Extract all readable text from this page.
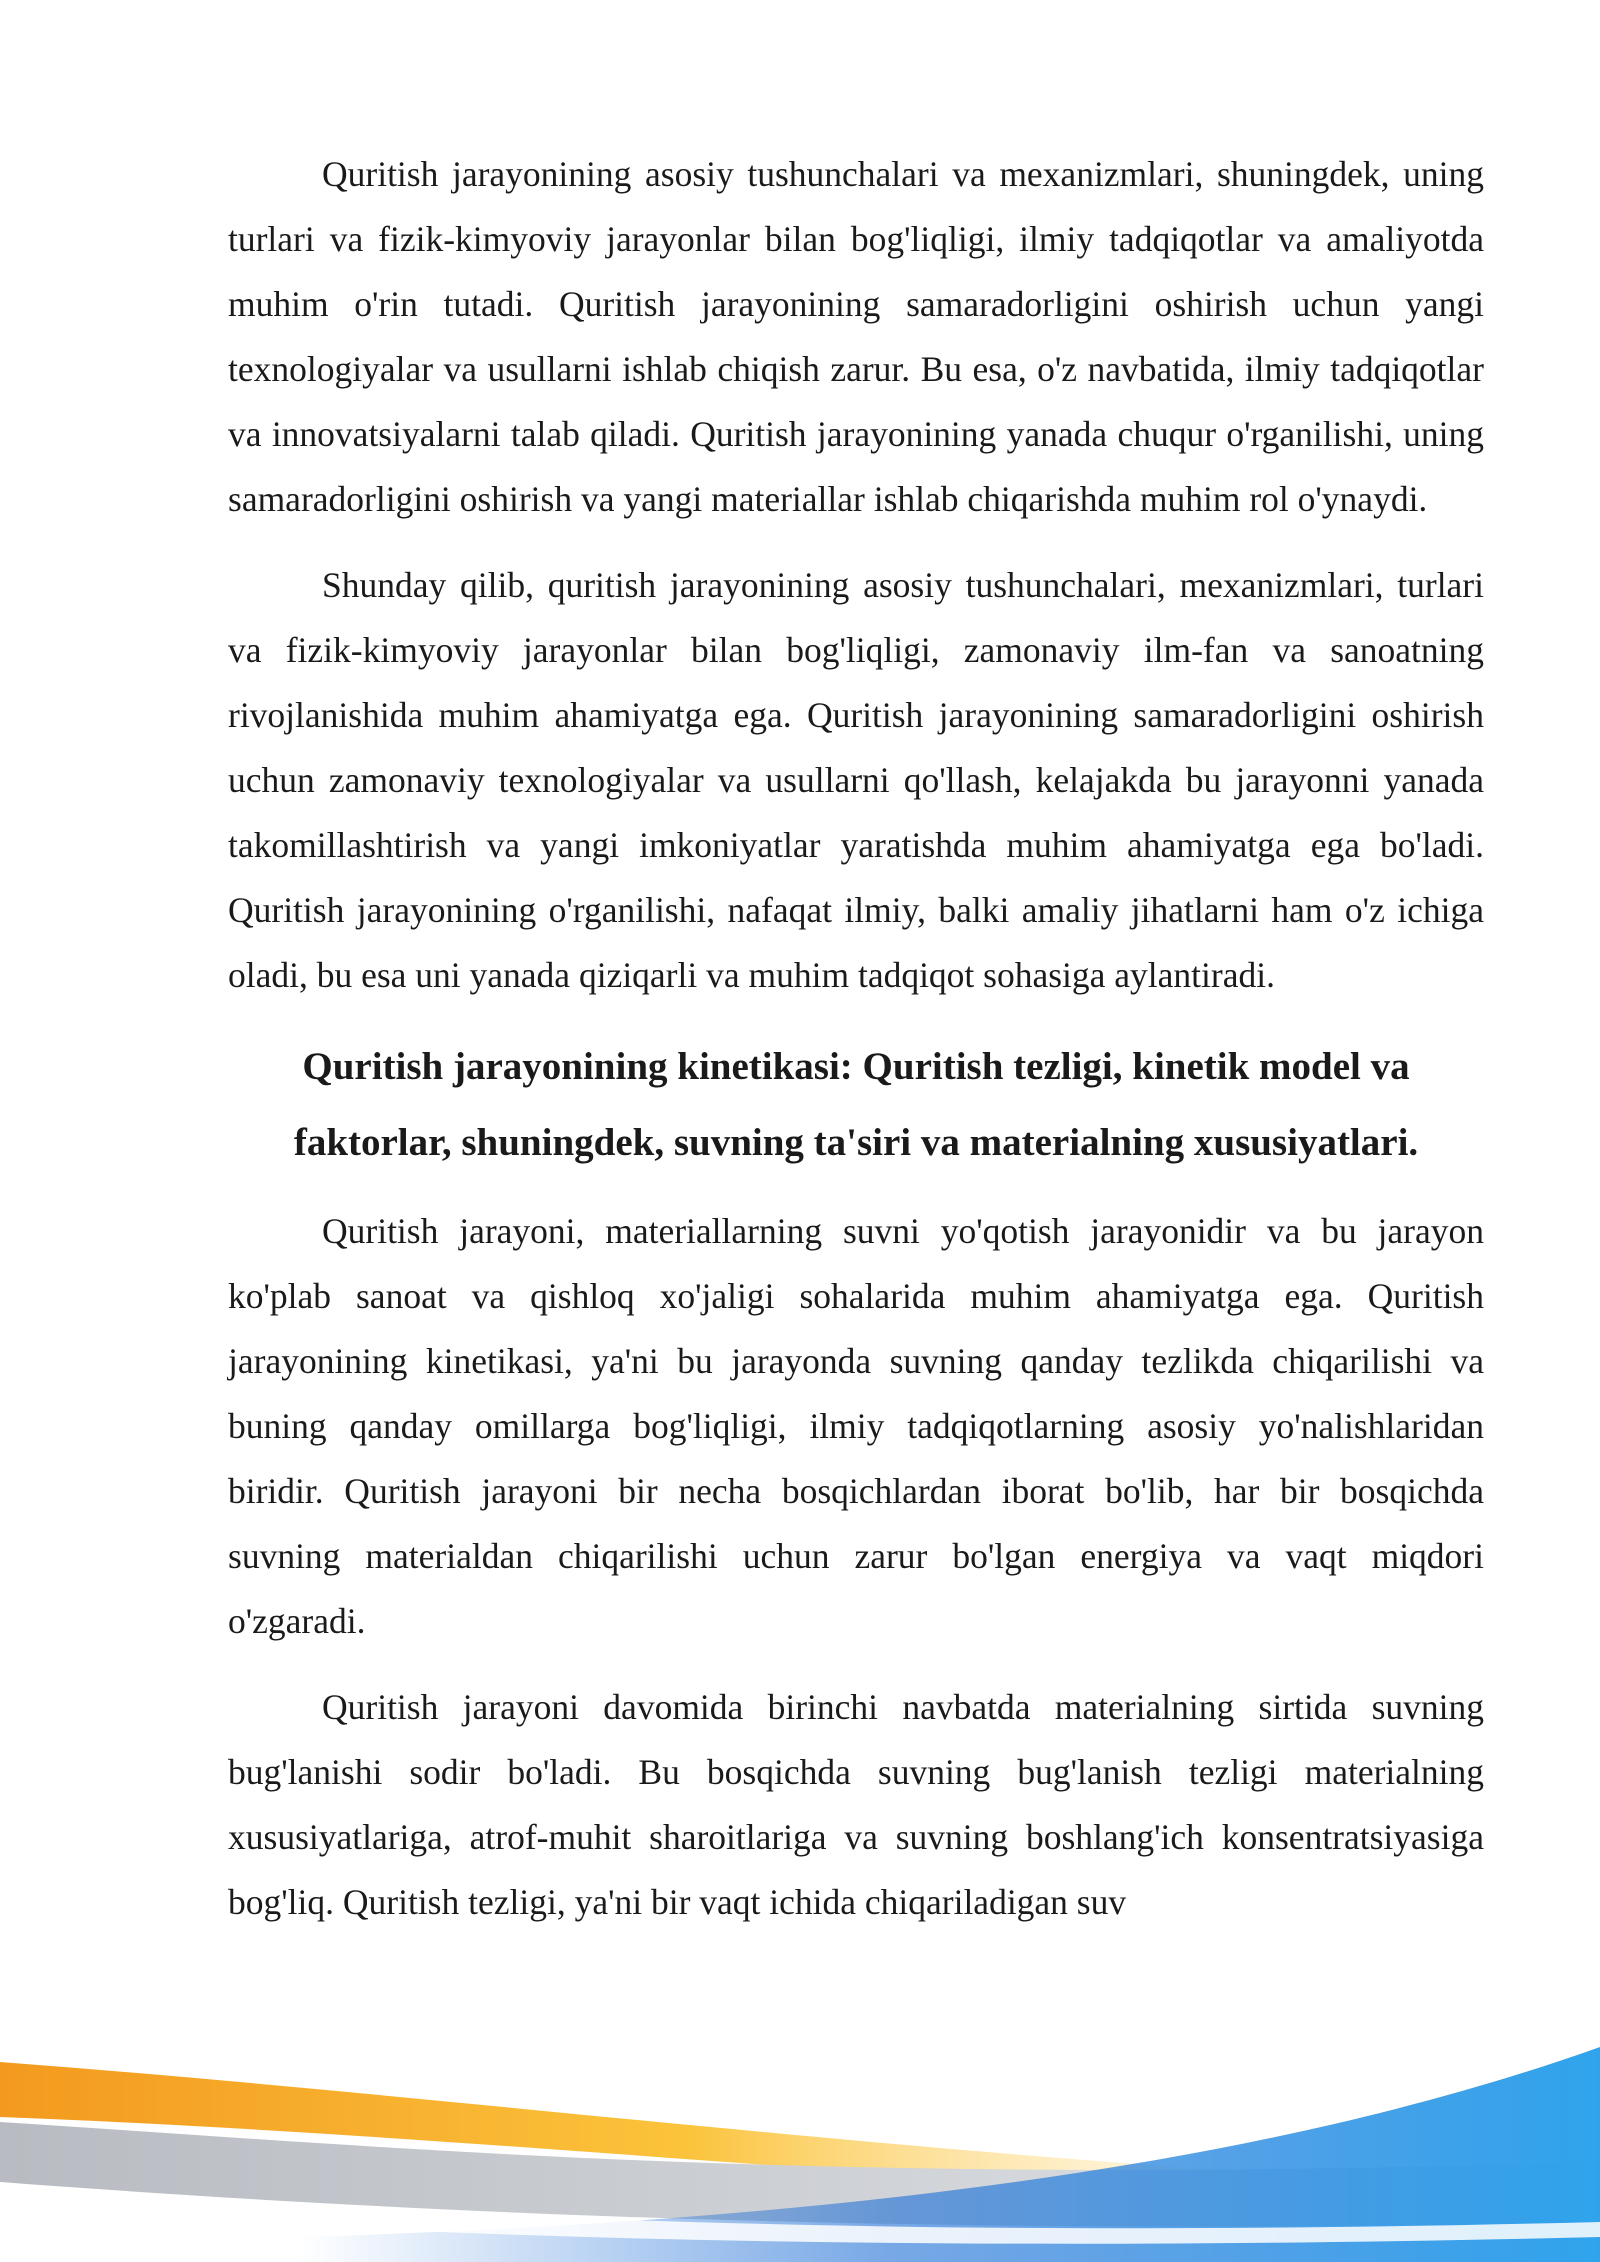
Quritish jarayonining asosiy tushunchalari va mexanizmlari, shuningdek, uning turlari va fizik-kimyoviy jarayonlar bilan bog'liqligi, ilmiy tadqiqotlar va amaliyotda muhim o'rin tutadi. Quritish jarayonining samaradorligini oshirish uchun yangi texnologiyalar va usullarni ishlab chiqish zarur. Bu esa, o'z navbatida, ilmiy tadqiqotlar va innovatsiyalarni talab qiladi. Quritish jarayonining yanada chuqur o'rganilishi, uning samaradorligini oshirish va yangi materiallar ishlab chiqarishda muhim rol o'ynaydi.

Shunday qilib, quritish jarayonining asosiy tushunchalari, mexanizmlari, turlari va fizik-kimyoviy jarayonlar bilan bog'liqligi, zamonaviy ilm-fan va sanoatning rivojlanishida muhim ahamiyatga ega. Quritish jarayonining samaradorligini oshirish uchun zamonaviy texnologiyalar va usullarni qo'llash, kelajakda bu jarayonni yanada takomillashtirish va yangi imkoniyatlar yaratishda muhim ahamiyatga ega bo'ladi. Quritish jarayonining o'rganilishi, nafaqat ilmiy, balki amaliy jihatlarni ham o'z ichiga oladi, bu esa uni yanada qiziqarli va muhim tadqiqot sohasiga aylantiradi.

Quritish jarayonining kinetikasi: Quritish tezligi, kinetik model va faktorlar, shuningdek, suvning ta'siri va materialning xususiyatlari.

Quritish jarayoni, materiallarning suvni yo'qotish jarayonidir va bu jarayon ko'plab sanoat va qishloq xo'jaligi sohalarida muhim ahamiyatga ega. Quritish jarayonining kinetikasi, ya'ni bu jarayonda suvning qanday tezlikda chiqarilishi va buning qanday omillarga bog'liqligi, ilmiy tadqiqotlarning asosiy yo'nalishlaridan biridir. Quritish jarayoni bir necha bosqichlardan iborat bo'lib, har bir bosqichda suvning materialdan chiqarilishi uchun zarur bo'lgan energiya va vaqt miqdori o'zgaradi.

Quritish jarayoni davomida birinchi navbatda materialning sirtida suvning bug'lanishi sodir bo'ladi. Bu bosqichda suvning bug'lanish tezligi materialning xususiyatlariga, atrof-muhit sharoitlariga va suvning boshlang'ich konsentratsiyasiga bog'liq. Quritish tezligi, ya'ni bir vaqt ichida chiqariladigan suv
